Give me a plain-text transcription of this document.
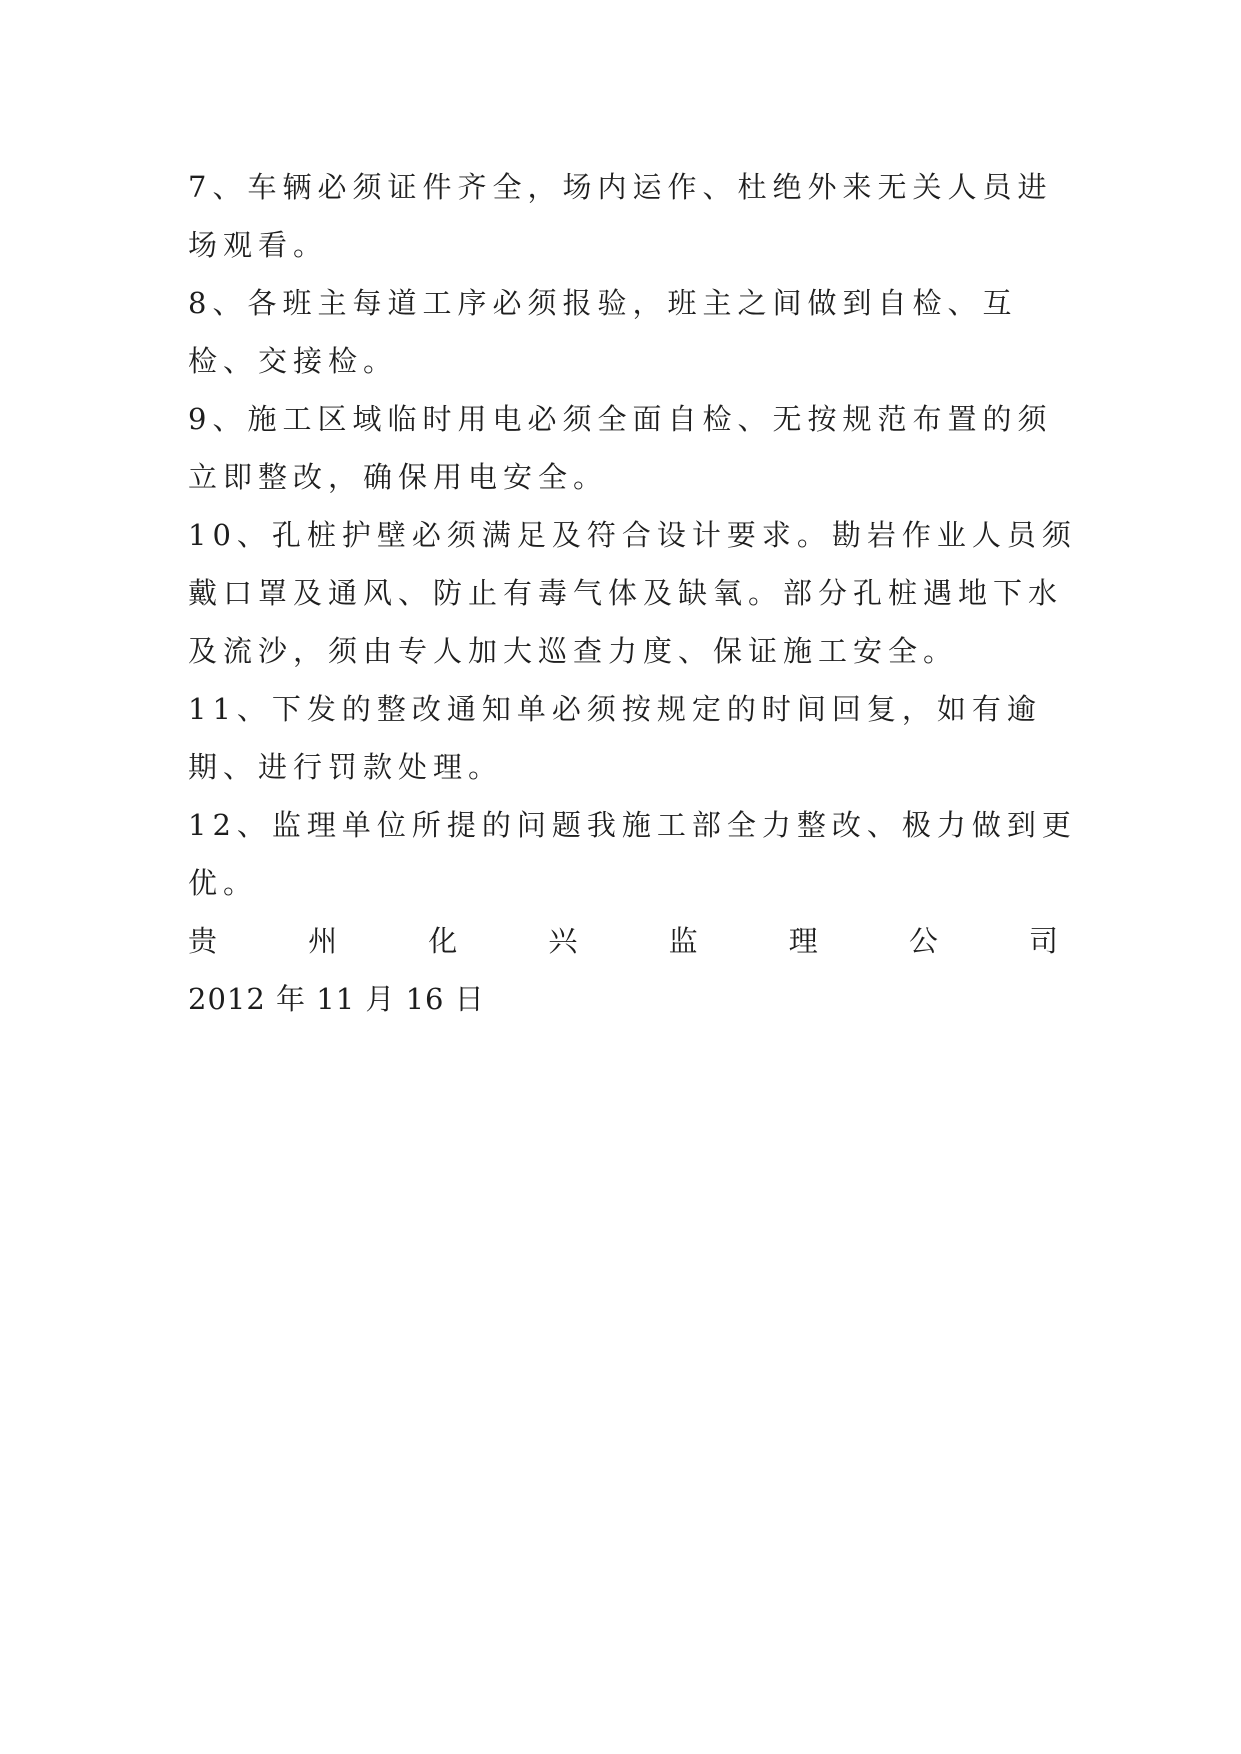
7、车辆必须证件齐全，场内运作、杜绝外来无关人员进场观看。

8、各班主每道工序必须报验，班主之间做到自检、互检、交接检。

9、施工区域临时用电必须全面自检、无按规范布置的须立即整改，确保用电安全。

10、孔桩护壁必须满足及符合设计要求。勘岩作业人员须戴口罩及通风、防止有毒气体及缺氧。部分孔桩遇地下水及流沙，须由专人加大巡查力度、保证施工安全。

11、下发的整改通知单必须按规定的时间回复，如有逾期、进行罚款处理。

12、监理单位所提的问题我施工部全力整改、极力做到更优。

贵	州	化	兴	监	理	公	司

2012 年 11 月 16 日
